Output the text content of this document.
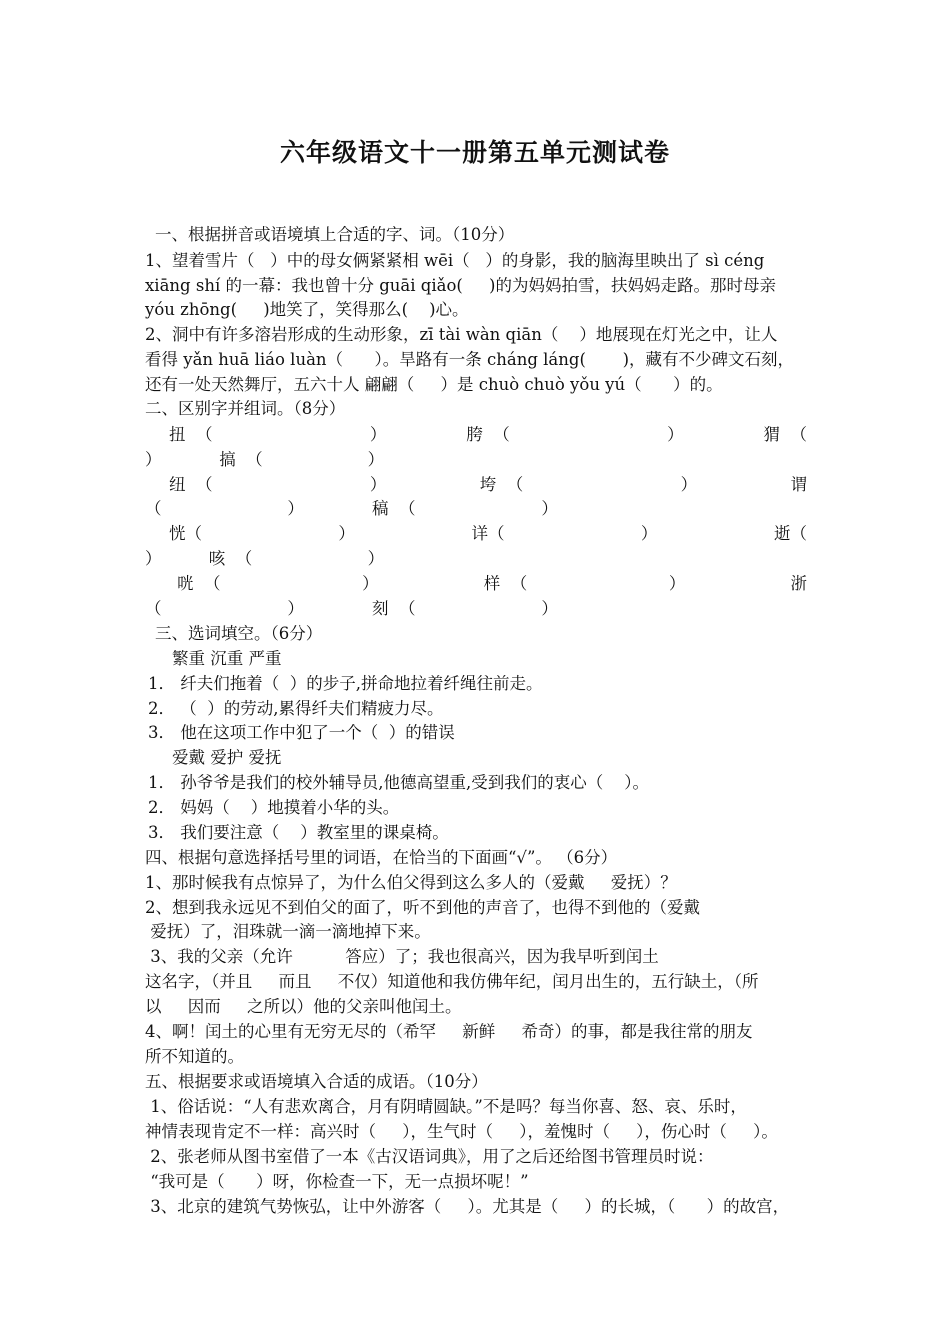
六年级语文十一册第五单元测试卷
一、根据拼音或语境填上合适的字、词。（10分）
1、望着雪片（   ）中的母女俩紧紧相 wēi（   ）的身影，我的脑海里映出了 sì céng
xiāng shí 的一幕：我也曾十分 guāi qiǎo(     )的为妈妈拍雪，扶妈妈走路。那时母亲
yóu zhōng(     )地笑了，笑得那么(    )心。
2、洞中有许多溶岩形成的生动形象，zī tài wàn qiān（    ）地展现在灯光之中，让人
看得 yǎn huā liáo luàn（      ）。旱路有一条 cháng láng(       )，藏有不少碑文石刻，
还有一处天然舞厅，五六十人 翩翩（     ）是 chuò chuò yǒu yú（      ）的。
二、区别字并组词。（8分）
扭  （                              ）	胯  （                              ）	猬  （
）           搞  （                    ）
纽  （                              ）	垮  （                              ）	谓
（                        ）             稿  （                        ）
恍（                          ）	详（                          ）	逝（
）         咳  （                      ）
咣  （                           ）	样  （                           ）	浙
（                        ）             刻  （                        ）
三、选词填空。（6分）
繁重 沉重 严重
1． 纤夫们拖着（  ）的步子,拼命地拉着纤绳往前走。
2． （  ）的劳动,累得纤夫们精疲力尽。
3． 他在这项工作中犯了一个（  ）的错误
爱戴 爱护 爱抚
1． 孙爷爷是我们的校外辅导员,他德高望重,受到我们的衷心（    ）。
2． 妈妈（    ）地摸着小华的头。
3． 我们要注意（    ）教室里的课桌椅。
四、根据句意选择括号里的词语，在恰当的下面画“√”。 （6分）
1、那时候我有点惊异了，为什么伯父得到这么多人的（爱戴     爱抚）？
2、想到我永远见不到伯父的面了，听不到他的声音了，也得不到他的（爱戴
爱抚）了，泪珠就一滴一滴地掉下来。
3、我的父亲（允许          答应）了；我也很高兴，因为我早听到闰土
这名字，（并且     而且     不仅）知道他和我仿佛年纪，闰月出生的，五行缺土，（所
以     因而     之所以）他的父亲叫他闰土。
4、啊！闰土的心里有无穷无尽的（希罕     新鲜     希奇）的事，都是我往常的朋友
所不知道的。
五、根据要求或语境填入合适的成语。（10分）
1、俗话说：“人有悲欢离合，月有阴晴圆缺。”不是吗？每当你喜、怒、哀、乐时，
神情表现肯定不一样：高兴时（     ），生气时（     ），羞愧时（     ），伤心时（     ）。
2、张老师从图书室借了一本《古汉语词典》，用了之后还给图书管理员时说：
“我可是（      ）呀，你检查一下，无一点损坏呢！”
3、北京的建筑气势恢弘，让中外游客（     ）。尤其是（     ）的长城，（      ）的故宫，
